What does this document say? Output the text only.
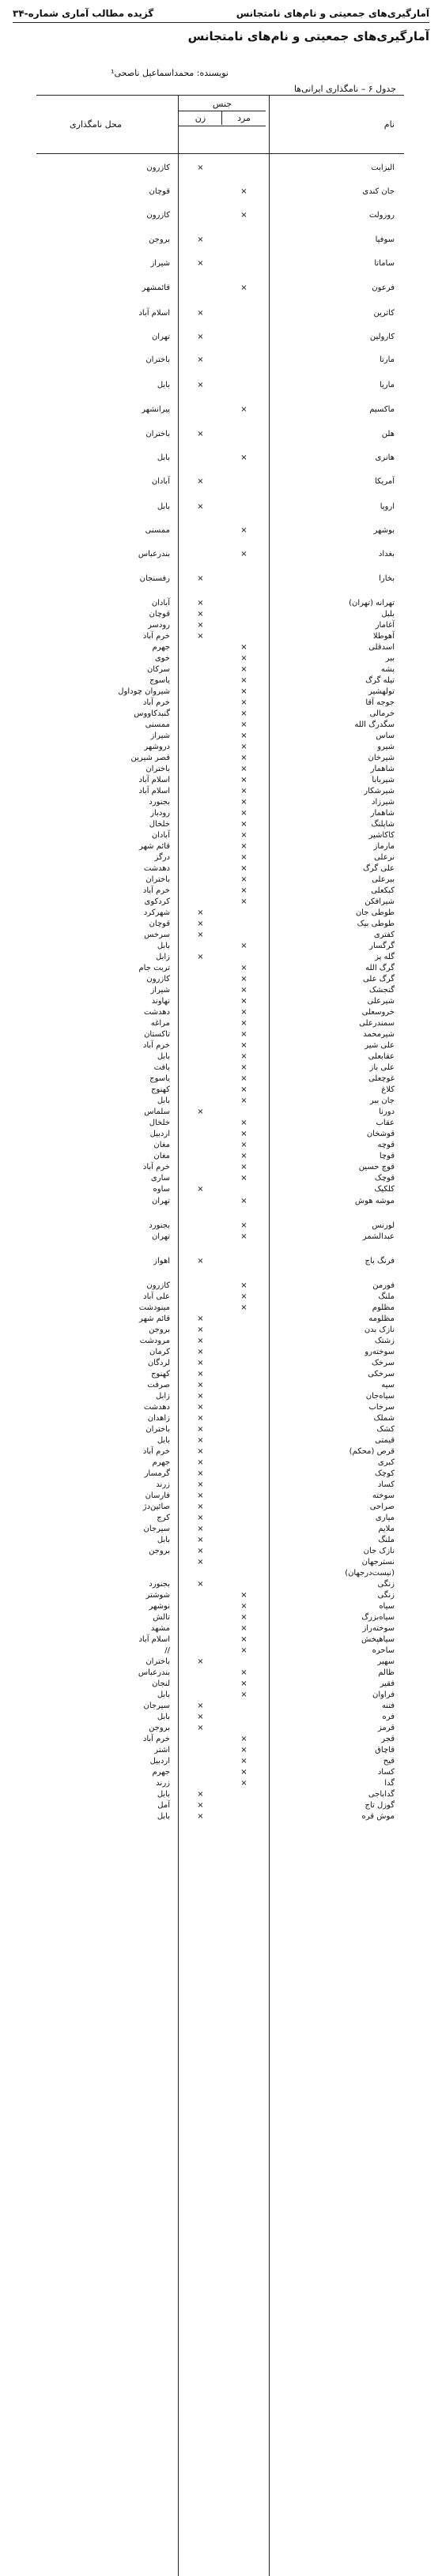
آمارگیری‌های جمعیتی و نام‌های نامتجانس
گزیده مطالب آماری شماره-۳۴
آمارگیری‌های جمعیتی و نام‌های نامتجانس
نویسنده: محمداسماعیل ناصحی¹
جدول ۶ – نامگذاری ایرانی‌ها
نام
جنس
مرد
زن
محل نامگذاری
الیزابت
×
کازرون
جان کندی
×
قوچان
روزولت
×
کازرون
سوفیا
×
بروجن
ساماتا
×
شیراز
فرعون
×
قائمشهر
کاترین
×
اسلام آباد
کارولین
×
تهران
مارتا
×
باختران
ماریا
×
بابل
ماکسیم
×
پیرانشهر
هلن
×
باختران
هانری
×
بابل
آمریکا
×
آبادان
اروپا
×
بابل
بوشهر
×
ممسنی
بغداد
×
بندرعباس
بخارا
×
رفسنجان
تهرانه (تهران)
×
آبادان
بلبل
×
قوچان
آغامار
×
رودسر
آهوطلا
×
خرم آباد
اسدقلی
×
جهرم
ببر
×
خوی
پشه
×
سرکان
تیله گرگ
×
یاسوج
تولهشیر
×
شیروان چوداول
جوجه آقا
×
خرم آباد
خرمالی
×
گنبدکاووس
سگدرگ الله
×
ممسنی
ساس
×
شیراز
شیرو
×
دروشهر
شیرخان
×
قصر شیرین
شاهمار
×
باختران
شیربابا
×
اسلام آباد
شیرشکار
×
اسلام آباد
شیرزاد
×
بجنورد
شاهمار
×
رودبار
شاپلنگ
×
خلخال
کاکاشیر
×
آبادان
مارماز
×
قائم شهر
نرعلی
×
درگز
علی گرگ
×
دهدشت
ببرعلی
×
باختران
کبکعلی
×
خرم آباد
شیرافکن
×
کردکوی
طوطی جان
×
شهرکرد
طوطی بیک
×
قوچان
کفتری
×
سرخس
گرگسار
×
بابل
گله پز
×
زابل
گرگ الله
×
تربت جام
گرگ علی
×
کازرون
گنجشک
×
شیراز
شیرعلی
×
نهاوند
خروسعلی
×
دهدشت
سمندرعلی
×
مراغه
شیرمحمد
×
تاکستان
علی شیر
×
خرم آباد
عقابعلی
×
بابل
علی باز
×
بافت
غوچعلی
×
یاسوج
کلاغ
×
کهنوج
جان ببر
×
بابل
دورنا
×
سلماس
عقاب
×
خلخال
قوشخان
×
اردبیل
قوچه
×
مغان
قوچا
×
مغان
قوچ حسین
×
خرم آباد
قوچک
×
ساری
کلکیک
×
ساوه
موشه هوش
×
تهران
لورنس
×
بجنورد
عبدالشمر
×
تهران
فرنگ باج
×
اهواز
فورمن
×
کازرون
ملنگ
×
علی آباد
مظلوم
×
مینودشت
مظلومه
×
قائم شهر
نازک بدن
×
بروجن
زشتک
×
مرودشت
سوخته‌رو
×
کرمان
سرخک
×
لردگان
سرخکی
×
کهنوج
سیه
×
صرفت
سیاه‌جان
×
زابل
سرخاب
×
دهدشت
شملک
×
زاهدان
کشک
×
باختران
قیمتی
×
بابل
قرص (محکم)
×
خرم آباد
کبری
×
جهرم
کوچک
×
گرمسار
کساد
×
زرند
سوخته
×
فارسان
صراحی
×
صائین‌دژ
میاری
×
کرج
ملایم
×
سیرجان
ملنگ
×
بابل
نازک جان
×
بروجن
نسترجهان
×
(نیست‌درجهان)
زنگی
×
بجنورد
زنگی
×
شوشتر
سیاه
×
نوشهر
سیاه‌بزرگ
×
تالش
سوخته‌راز
×
مشهد
سیاهپخش
×
اسلام آباد
ساحره
×
//
سهیر
×
باختران
ظالم
×
بندرعباس
فقیر
×
لنجان
فراوان
×
بابل
فتنه
×
سیرجان
فره
×
بابل
قرمز
×
بروجن
قجر
×
خرم آباد
قاچاق
×
اشتر
قیح
×
اردبیل
کساد
×
جهرم
گدا
×
زرند
گداباجی
×
بابل
گوزل تاج
×
آمل
موش قره
×
بابل
